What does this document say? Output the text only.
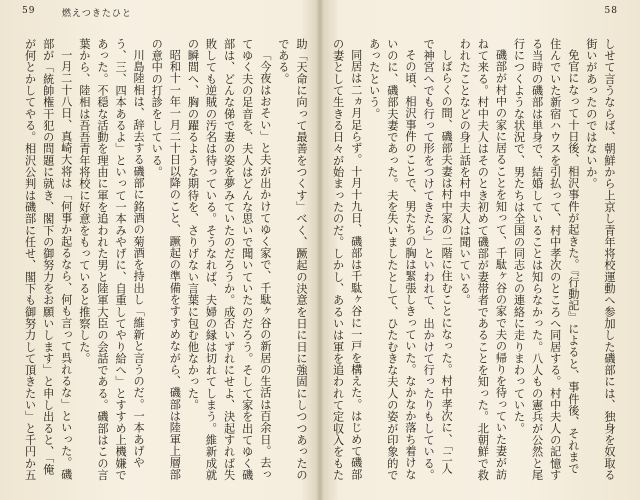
59	燃えつきたひと

助「天命に向って最善をつくす」べく、蹶起の決意を日に日に強固にしつつあったのである。

「今夜はおそい」と夫が出かけてゆく家で、千駄ヶ谷の新居の生活は百余日。去ってゆく夫の足音を、夫人はどんな思いで聞いていたのだろう。そして家を出てゆく磯部は、どんな俤で妻の姿を夢みていたのだろうか。成否いずれにせよ、決起すれば失敗しても逆賊の汚名は待っている。そうなれば、夫婦の縁は切れてしまう。維新成就の瞬間へ、胸の躍るような期待を、さりげない言葉に包む他なかった。

昭和十一年一月二十日以降のこと、蹶起の準備をすすめながら、磯部は陸軍上層部の意中の打診をしている。

川島陸相は、辞去する磯部に銘酒の菊酒を持出し「維新と言うのだ。一本あげやう、三、四本あるよ」といって一本みやげに、自重してやり給へ」とすすめ上機嫌であった。不穏な活動を理由に軍を追われた男と陸軍大臣の会話である。磯部はこの言葉から、陸相は吾吾青年将校に好意をもっていると推察した。

一月二十八日、真崎大将は「何事か起るなら、何も言って呉れるな」といった。磯部が「統帥権干犯の問題に就き、閣下の御努力をお願いします」と申し出ると、「俺が何とかしてやる。相沢公判は磯部に任せ、閣下も御努力して頂きたい」と千円か五

58

しせて言うならば、朝鮮から上京し青年将校運動へ参加した磯部には、独身を奴取る街いがあったのではないか。

免官になって十日後、相沢事件が起きた。『行動記』によると、事件後、それまで住んでいた新宿ハウスを引払って、村中孝次のところへ同居する。村中夫人の記憶する当時の磯部は単身で、結婚していることは知らなかった。八人もの憲兵が公然と尾行につくような状況で、男たちは全国の同志との連絡に走りまわっていた。

磯部が村中の家に居ることを知って、千駄ヶ谷の家で夫の帰りを待っていた妻が訪ねて来る。村中夫人はそのとき初めて磯部が妻帯者であることを知った。北朝鮮で救われたことなどの身上話を村中夫人は聞いている。

しばらくの間、磯部夫妻は村中家の二階に住むことになった。村中孝次に、「二人で神宮へでも行って形をつけてきたら」といわれて、出かけて行ったりもしている。

その頃、相沢事件のことで、男たちの胸は緊張しきっていた。なかなか落ち着けないのに、磯部夫妻であった。夫を失いましたとして、ひたむきな夫人の姿が印象的であったという。

同居は二ヵ月足らず。十月十九日、磯部は千駄ヶ谷に一戸を構えた。はじめて磯部の妻として生きる日々が始まったのだ。しかし、あるいは軍を追われて定収入をもた
